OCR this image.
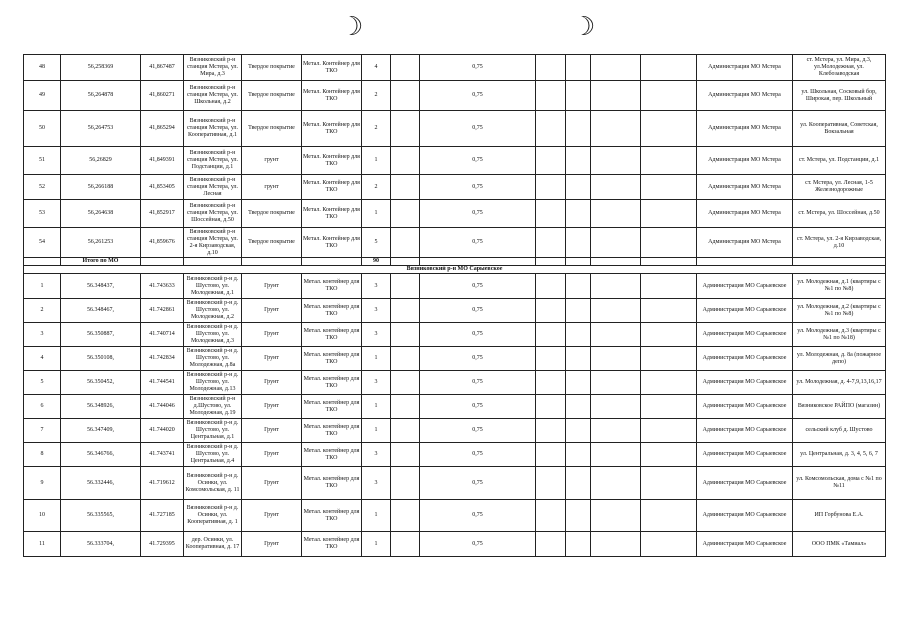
☽	☽
48	56,258369	41,867487	Вязниковский р-н станция Мстера, ул. Мира, д.3	Твердое покрытие	Метал. Контейнер для ТКО	4		0,75					Администрация МО Мстера	ст. Мстера, ул. Мира, д.3, ул.Молодежная, ул. Клебозаводская
49	56,264878	41,860271	Вязниковский р-н станция Мстера, ул. Школьная, д.2	Твердое покрытие	Метал. Контейнер для ТКО	2		0,75					Администрация МО Мстера	ул. Школьная, Сосковый бор, Широкая, пер. Школьный
50	56,264753	41,865294	Вязниковский р-н станция Мстера, ул. Кооперативная, д.1	Твердое покрытие	Метал. Контейнер для ТКО	2		0,75					Администрация МО Мстера	ул. Кооперативная, Советская, Вокзальная
51	56,26829	41,849391	Вязниковский р-н станция Мстера, ул. Подстанции, д.1	грунт	Метал. Контейнер для ТКО	1		0,75					Администрация МО Мстера	ст. Мстера, ул. Подстанции, д.1
52	56,266188	41,853405	Вязниковский р-н станция Мстера, ул. Лесная	грунт	Метал. Контейнер для ТКО	2		0,75					Администрация МО Мстера	ст. Мстера, ул. Лесная, 1-5 Железнодорожные
53	56,264638	41,852917	Вязниковский р-н станция Мстера, ул. Шоссейная, д.50	Твердое покрытие	Метал. Контейнер для ТКО	1		0,75					Администрация МО Мстера	ст. Мстера, ул. Шоссейная, д.50
54	56,261253	41,859676	Вязниковский р-н станция Мстера, ул. 2-я Кирзаводская, д.10	Твердое покрытие	Метал. Контейнер для ТКО	5		0,75					Администрация МО Мстера	ст. Мстера, ул. 2-я Кирзаводская, д.10
	Итого по МО					90								
Вязниковский р-н МО Сарыевское														
1	56.348437,	41.743633	Вязниковский р-н д. Шустово, ул. Молодежная, д.1	Грунт	Метал. контейнер для ТКО	3		0,75					Администрация МО Сарыевское	ул. Молодежная, д.1 (квартиры с №1 по №8)
2	56.348467,	41.742861	Вязниковский р-н д. Шустово, ул. Молодежная, д.2	Грунт	Метал. контейнер для ТКО	3		0,75					Администрация МО Сарыевское	ул. Молодежная, д.2 (квартиры с №1 по №8)
3	56.350887,	41.740714	Вязниковский р-н д. Шустово, ул. Молодежная, д.3	Грунт	Метал. контейнер для ТКО	3		0,75					Администрация МО Сарыевское	ул. Молодежная, д.3 (квартиры с №1 по №18)
4	56.350108,	41.742834	Вязниковский р-н д. Шустово, ул. Молодежная, д.8а	Грунт	Метал. контейнер для ТКО	1		0,75					Администрация МО Сарыевское	ул. Молодежная, д. 8а (пожарное депо)
5	56.350452,	41.744541	Вязниковский р-н д. Шустово, ул. Молодежная, д.13	Грунт	Метал. контейнер для ТКО	3		0,75					Администрация МО Сарыевское	ул. Молодежная, д. 4-7,9,13,16,17
6	56.348926,	41.744046	Вязниковский р-н д.Шустово, ул. Молодежная, д.19	Грунт	Метал. контейнер для ТКО	1		0,75					Администрация МО Сарыевское	Вязниковское РАЙПО (магазин)
7	56.347409,	41.744020	Вязниковский р-н д. Шустово, ул. Центральная, д.1	Грунт	Метал. контейнер для ТКО	1		0,75					Администрация МО Сарыевское	сельский клуб д. Шустово
8	56.346766,	41.743741	Вязниковский р-н д. Шустово, ул. Центральная, д.4	Грунт	Метал. контейнер для ТКО	3		0,75					Администрация МО Сарыевское	ул. Центральная, д. 3, 4, 5, 6, 7
9	56.332446,	41.719612	Вязниковский р-н д. Осинки, ул. Комсомольская, д. 11	Грунт	Метал. контейнер для ТКО	3		0,75					Администрация МО Сарыевское	ул. Комсомольская, дома с №1 по №11
10	56.335565,	41.727185	Вязниковский р-н д. Осинки, ул. Кооперативная, д. 1	Грунт	Метал. контейнер для ТКО	1		0,75					Администрация МО Сарыевское	ИП Горбунова Е.А.
11	56.333704,	41.729395	дер. Осинки, ул. Кооперативная, д. 17	Грунт	Метал. контейнер для ТКО	1		0,75					Администрация МО Сарыевское	ООО ПМК «Тамиал»
